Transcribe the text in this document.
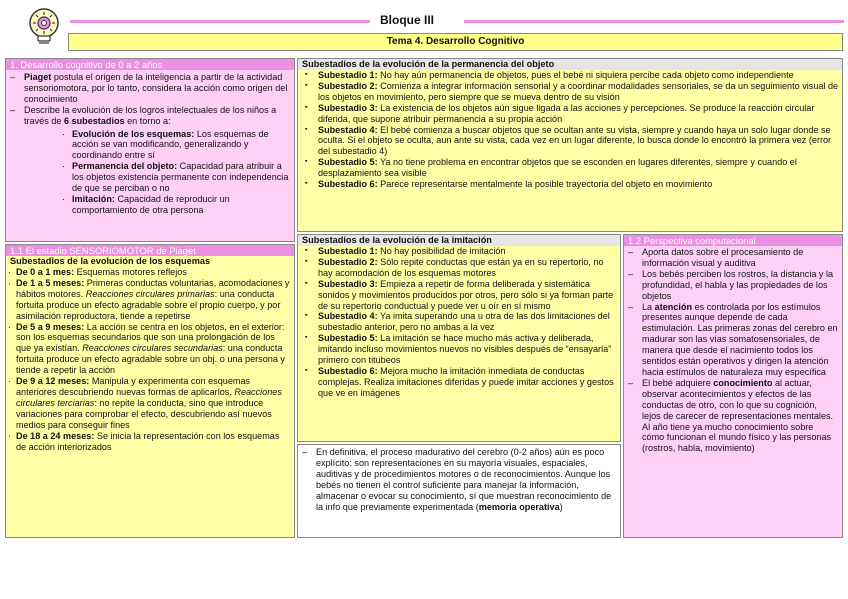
Bloque III
Tema 4. Desarrollo Cognitivo
1. Desarrollo cognitivo de 0 a 2 años
– Piaget postula el origen de la inteligencia a partir de la actividad sensoriomotora, por lo tanto, considera la acción como origen del conocimiento
– Describe la evolución de los logros intelectuales de los niños a través de 6 subestadios en torno a:
· Evolución de los esquemas: Los esquemas de acción se van modificando, generalizando y coordinando entre sí
· Permanencia del objeto: Capacidad para atribuir a los objetos existencia permanente con independencia de que se perciban o no
· Imitación: Capacidad de reproducir un comportamiento de otra persona
Subestadios de la evolución de la permanencia del objeto
▪ Subestadio 1: No hay aún permanencia de objetos, pues el bebé ni siquiera percibe cada objeto como independiente
▪ Subestadio 2: Comienza a integrar información sensorial y a coordinar modalidades sensoriales, se da un seguimiento visual de los objetos en movimiento, pero siempre que se mueva dentro de su visión
▪ Subestadio 3: La existencia de los objetos aún sigue ligada a las acciones y percepciones. Se produce la reacción circular diferida, que supone atribuir permanencia a su propia acción
▪ Subestadio 4: El bebé comienza a buscar objetos que se ocultan ante su vista, siempre y cuando haya un solo lugar donde se oculta. Si el objeto se oculta, aun ante su vista, cada vez en un lugar diferente, lo busca donde lo encontró la primera vez (error del subestadio 4)
▪ Subestadio 5: Ya no tiene problema en encontrar objetos que se esconden en lugares diferentes, siempre y cuando el desplazamiento sea visible
▪ Subestadio 6: Parece representarse mentalmente la posible trayectoria del objeto en movimiento
1.1 El estadio SENSORIOMOTOR de Piaget
Subestadios de la evolución de los esquemas
· De 0 a 1 mes: Esquemas motores reflejos
· De 1 a 5 meses: Primeras conductas voluntarias, acomodaciones y hábitos motores. Reacciones circulares primarias: una conducta fortuita produce un efecto agradable sobre el propio cuerpo, y por asimilación reproductora, tiende a repetirse
· De 5 a 9 meses: La acción se centra en los objetos, en el exterior: son los esquemas secundarios que son una prolongación de los que ya existían. Reacciones circulares secundarias: una conducta fortuita produce un efecto agradable sobre un obj. o una persona y tiende a repetir la acción
· De 9 a 12 meses: Manipula y experimenta con esquemas anteriores descubriendo nuevas formas de aplicarlos. Reacciones circulares terciarias: no repite la conducta, sino que introduce variaciones para comprobar el efecto, descubriendo así nuevos medios para conseguir fines
· De 18 a 24 meses: Se inicia la representación con los esquemas de acción interiorizados
Subestadios de la evolución de la imitación
▪ Subestadio 1: No hay posibilidad de imitación
▪ Subestadio 2: Sólo repite conductas que están ya en su repertorio, no hay acomodación de los esquemas motores
▪ Subestadio 3: Empieza a repetir de forma deliberada y sistemática sonidos y movimientos producidos por otros, pero sólo si ya forman parte de su repertorio conductual y puede ver u oír en sí mismo
▪ Subestadio 4: Ya imita superando una u otra de las dos limitaciones del subestadio anterior, pero no ambas a la vez
▪ Subestadio 5: La imitación se hace mucho más activa y deliberada, imitando incluso movimientos nuevos no visibles después de “ensayarla” primero con titubeos
▪ Subestadio 6: Mejora mucho la imitación inmediata de conductas complejas. Realiza imitaciones diferidas y puede imitar acciones y gestos que ve en imágenes
– En definitiva, el proceso madurativo del cerebro (0-2 años) aún es poco explícito: son representaciones en su mayoría visuales, espaciales, auditivas y de procedimientos motores o de reconocimientos. Aunque los bebés no tienen el control suficiente para manejar la información, almacenar o evocar su conocimiento, sí que muestran reconocimiento de la info que previamente experimentada (memoria operativa)
1.2 Perspectiva computacional
– Aporta datos sobre el procesamiento de información visual y auditiva
– Los bebés perciben los rostros, la distancia y la profundidad, el habla y las propiedades de los objetos
– La atención es controlada por los estímulos presentes aunque depende de cada estimulación. Las primeras zonas del cerebro en madurar son las vías somatosensoriales, de manera que desde el nacimiento todos los sentidos están operativos y dirigen la atención hacia estímulos de naturaleza muy específica
– El bebé adquiere conocimiento al actuar, observar acontecimientos y efectos de las conductas de otro, con lo que su cognición, lejos de carecer de representaciones mentales. Al año tiene ya mucho conocimiento sobre cómo funcionan el mundo físico y las personas (rostros, habla, movimiento)
